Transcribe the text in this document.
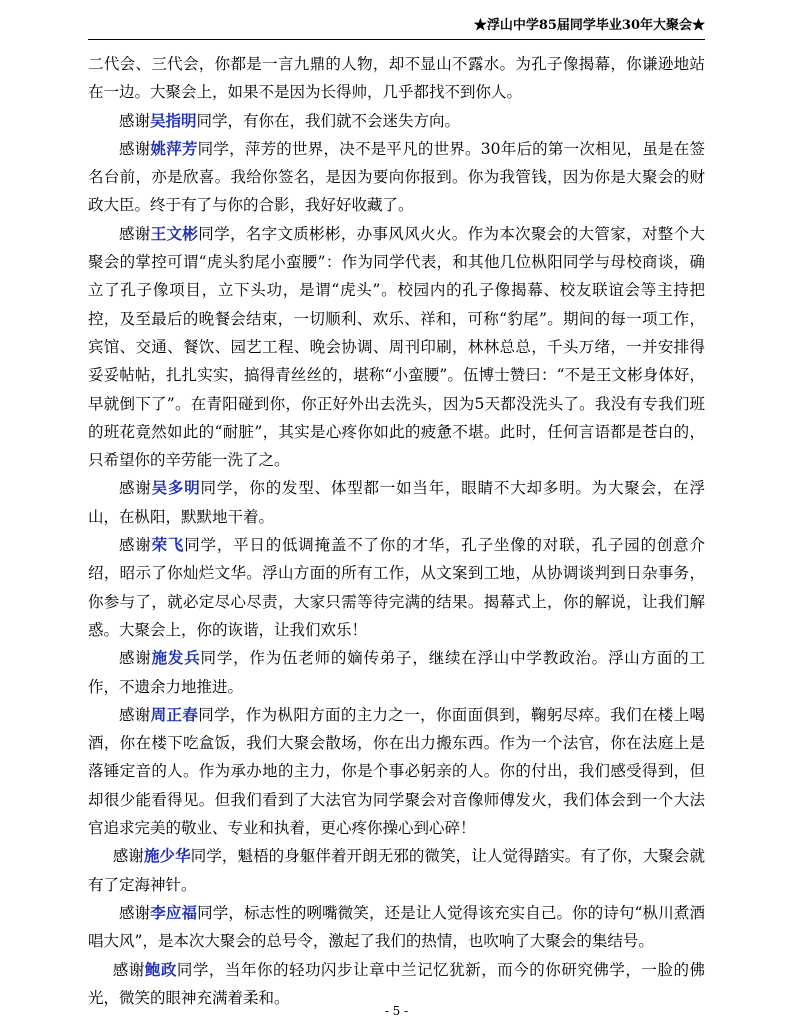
★浮山中学85届同学毕业30年大聚会★

二代会、三代会，你都是一言九鼎的人物，却不显山不露水。为孔子像揭幕，你谦逊地站在一边。大聚会上，如果不是因为长得帅，几乎都找不到你人。

感谢吴指明同学，有你在，我们就不会迷失方向。

感谢姚萍芳同学，萍芳的世界，决不是平凡的世界。30年后的第一次相见，虽是在签名台前，亦是欣喜。我给你签名，是因为要向你报到。你为我管钱，因为你是大聚会的财政大臣。终于有了与你的合影，我好好收藏了。

感谢王文彬同学，名字文质彬彬，办事风风火火。作为本次聚会的大管家，对整个大聚会的掌控可谓“虎头豹尾小蛮腰”：作为同学代表，和其他几位枞阳同学与母校商谈，确立了孔子像项目，立下头功，是谓“虎头”。校园内的孔子像揭幕、校友联谊会等主持把控，及至最后的晚餐会结束，一切顺利、欢乐、祥和，可称“豹尾”。期间的每一项工作，宾馆、交通、餐饮、园艺工程、晚会协调、周刊印刷，林林总总，千头万绪，一并安排得妥妥帖帖，扎扎实实，搞得青丝丝的，堪称“小蛮腰”。伍博士赞曰：“不是王文彬身体好，早就倒下了”。在青阳碰到你，你正好外出去洗头，因为5天都没洗头了。我没有专我们班的班花竟然如此的“耐脏”，其实是心疼你如此的疲惫不堪。此时，任何言语都是苍白的，只希望你的辛劳能一洗了之。

感谢吴多明同学，你的发型、体型都一如当年，眼睛不大却多明。为大聚会，在浮山，在枞阳，默默地干着。

感谢荣飞同学，平日的低调掩盖不了你的才华，孔子坐像的对联，孔子园的创意介绍，昭示了你灿烂文华。浮山方面的所有工作，从文案到工地，从协调谈判到日杂事务，你参与了，就必定尽心尽责，大家只需等待完满的结果。揭幕式上，你的解说，让我们解惑。大聚会上，你的诙谐，让我们欢乐！

感谢施发兵同学，作为伍老师的嫡传弟子，继续在浮山中学教政治。浮山方面的工作，不遗余力地推进。

感谢周正春同学，作为枞阳方面的主力之一，你面面俱到，鞠躬尽瘁。我们在楼上喝酒，你在楼下吃盒饭，我们大聚会散场，你在出力搬东西。作为一个法官，你在法庭上是落锤定音的人。作为承办地的主力，你是个事必躬亲的人。你的付出，我们感受得到，但却很少能看得见。但我们看到了大法官为同学聚会对音像师傅发火，我们体会到一个大法官追求完美的敬业、专业和执着，更心疼你操心到心碎！

感谢施少华同学，魁梧的身躯伴着开朗无邪的微笑，让人觉得踏实。有了你，大聚会就有了定海神针。

感谢李应福同学，标志性的咧嘴微笑，还是让人觉得该充实自己。你的诗句“枞川煮酒唱大风”，是本次大聚会的总号令，激起了我们的热情，也吹响了大聚会的集结号。

感谢鲍政同学，当年你的轻功闪步让章中兰记忆犹新，而今的你研究佛学，一脸的佛光，微笑的眼神充满着柔和。

- 5 -
